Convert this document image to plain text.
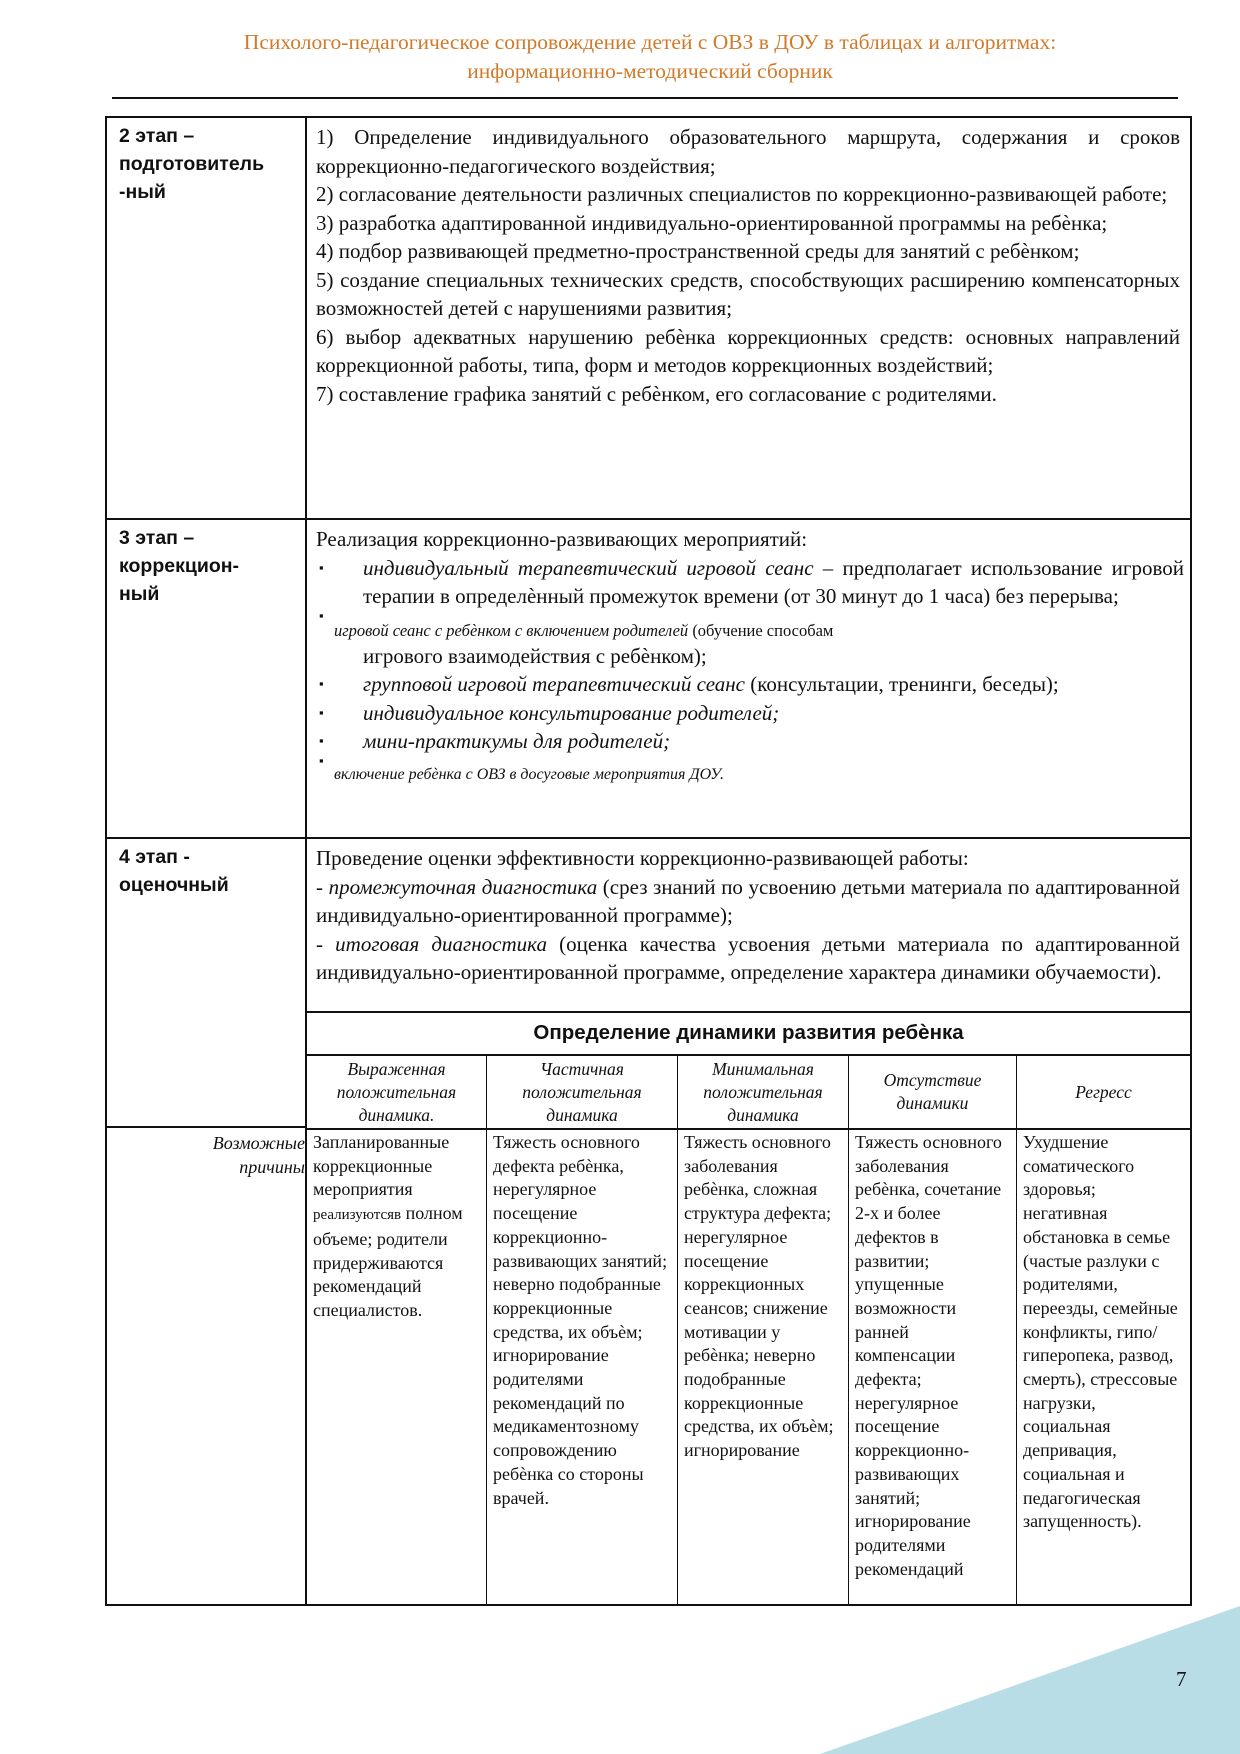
Психолого-педагогическое сопровождение детей с ОВЗ в ДОУ в таблицах и алгоритмах:
информационно-методический сборник
2 этап –
подготовитель
-ный

1) Определение индивидуального образовательного маршрута, содержания и сроков коррекционно-педагогического воздействия;

2) согласование деятельности различных специалистов по коррекционно-развивающей работе;

3) разработка адаптированной индивидуально-ориентированной программы на ребѐнка;

4) подбор развивающей предметно-пространственной среды для занятий с ребѐнком;

5) создание специальных технических средств, способствующих расширению компенсаторных возможностей детей с нарушениями развития;

6) выбор адекватных нарушению ребѐнка коррекционных средств: основных направлений коррекционной работы, типа, форм и методов коррекционных воздействий;

7) составление графика занятий с ребѐнком, его согласование с родителями.

3 этап –
коррекцион-
ный

Реализация коррекционно-развивающих мероприятий:

▪ индивидуальный терапевтический игровой сеанс – предполагает использование игровой терапии в определѐнный промежуток времени (от 30 минут до 1 часа) без перерыва;
▪
игровой сеанс с ребѐнком с включением родителей (обучение способам
игрового взаимодействия с ребѐнком);
▪ групповой игровой терапевтический сеанс (консультации, тренинги, беседы);
▪ индивидуальное консультирование родителей;
▪ мини-практикумы для родителей;
▪
включение ребѐнка с ОВЗ в досуговые мероприятия ДОУ.
4 этап -
оценочный

Проведение оценки эффективности коррекционно-развивающей работы:

- промежуточная диагностика (срез знаний по усвоению детьми материала по адаптированной индивидуально-ориентированной программе);

- итоговая диагностика (оценка качества усвоения детьми материала по адаптированной индивидуально-ориентированной программе, определение характера динамики обучаемости).

Определение динамики развития ребѐнка
Выраженная положительная динамика.
Частичная положительная динамика
Минимальная положительная динамика
Отсутствие динамики
Регресс
Возможные
причины
Запланированные коррекционные мероприятия реализуютсяв полном объеме; родители придерживаются рекомендаций специалистов.
Тяжесть основного дефекта ребѐнка, нерегулярное посещение коррекционно-развивающих занятий; неверно подобранные коррекционные средства, их объѐм; игнорирование родителями рекомендаций по медикаментозному сопровождению ребѐнка со стороны врачей.
Тяжесть основного заболевания ребѐнка, сложная структура дефекта; нерегулярное посещение коррекционных сеансов; снижение мотивации у ребѐнка; неверно подобранные коррекционные средства, их объѐм; игнорирование
Тяжесть основного заболевания ребѐнка, сочетание 2-х и более дефектов в развитии; упущенные возможности ранней компенсации дефекта; нерегулярное посещение коррекционно-развивающих занятий; игнорирование родителями рекомендаций
Ухудшение соматического здоровья; негативная обстановка в семье (частые разлуки с родителями, переезды, семейные конфликты, гипо/гиперопека, развод, смерть), стрессовые нагрузки, социальная депривация, социальная и педагогическая запущенность).
7
